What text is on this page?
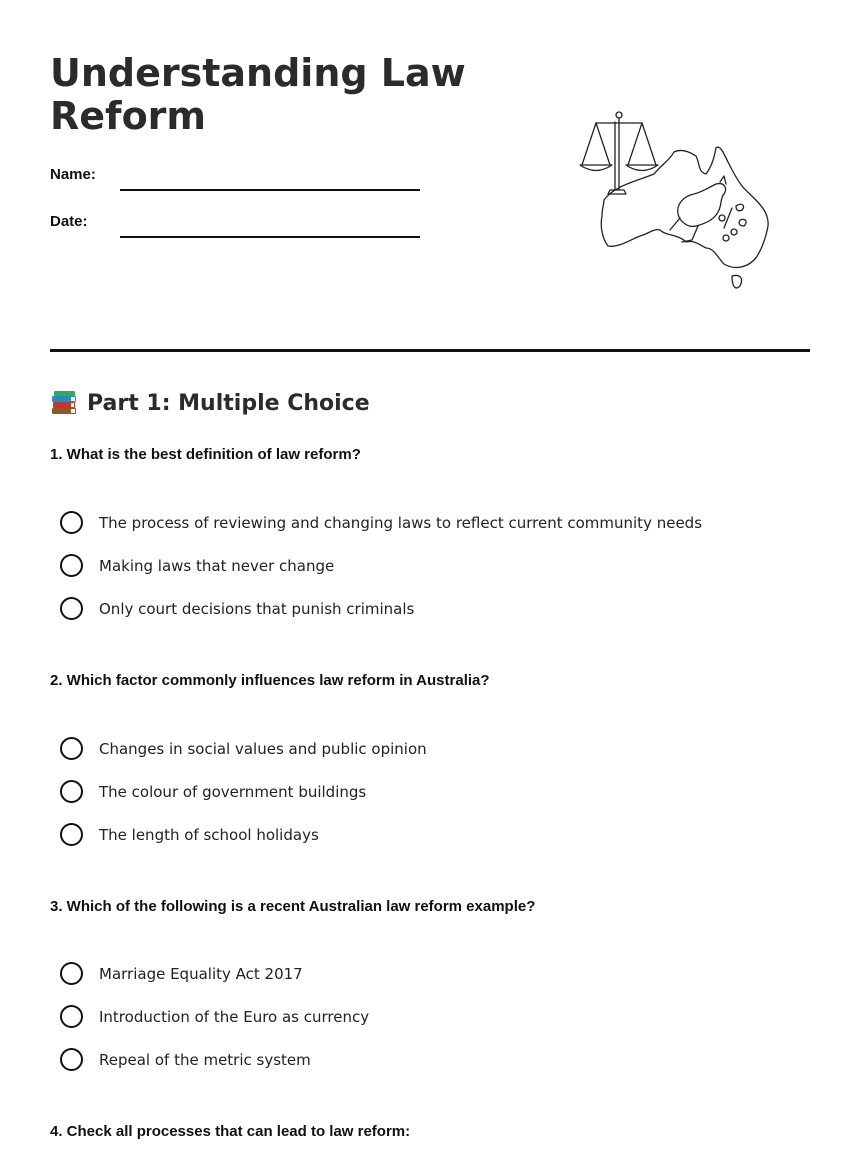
Understanding Law Reform
Name:
Date:
Part 1: Multiple Choice

1. What is the best definition of law reform?

The process of reviewing and changing laws to reflect current community needs
Making laws that never change
Only court decisions that punish criminals

2. Which factor commonly influences law reform in Australia?

Changes in social values and public opinion
The colour of government buildings
The length of school holidays

3. Which of the following is a recent Australian law reform example?

Marriage Equality Act 2017
Introduction of the Euro as currency
Repeal of the metric system

4. Check all processes that can lead to law reform:
